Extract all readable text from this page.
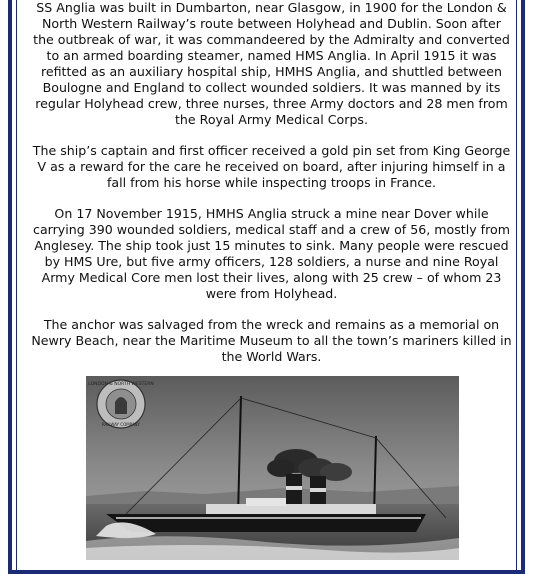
SS Anglia was built in Dumbarton, near Glasgow, in 1900 for the London & North Western Railway’s route between Holyhead and Dublin. Soon after the outbreak of war, it was commandeered by the Admiralty and converted to an armed boarding steamer, named HMS Anglia. In April 1915 it was refitted as an auxiliary hospital ship, HMHS Anglia, and shuttled between Boulogne and England to collect wounded soldiers. It was manned by its regular Holyhead crew, three nurses, three Army doctors and 28 men from the Royal Army Medical Corps.

The ship’s captain and first officer received a gold pin set from King George V as a reward for the care he received on board, after injuring himself in a fall from his horse while inspecting troops in France.

On 17 November 1915, HMHS Anglia struck a mine near Dover while carrying 390 wounded soldiers, medical staff and a crew of 56, mostly from Anglesey. The ship took just 15 minutes to sink. Many people were rescued by HMS Ure, but five army officers, 128 soldiers, a nurse and nine Royal Army Medical Core men lost their lives, along with 25 crew – of whom 23 were from Holyhead.

The anchor was salvaged from the wreck and remains as a memorial on Newry Beach, near the Maritime Museum to all the town’s mariners killed in the World Wars.

LONDON & NORTH WESTERN
RAILWAY COMPANY
